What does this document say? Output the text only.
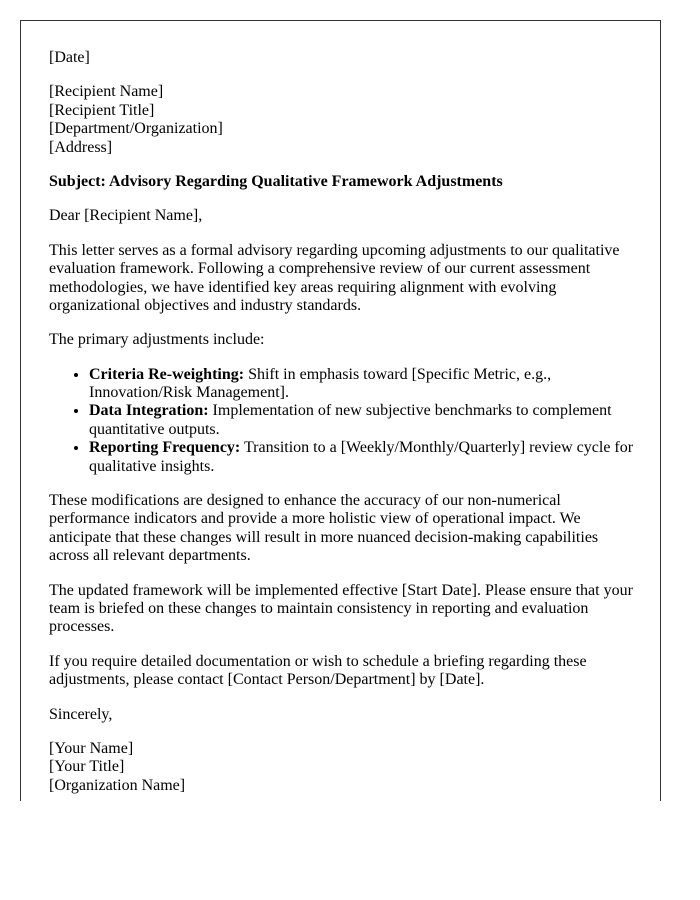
[Date]

[Recipient Name]
[Recipient Title]
[Department/Organization]
[Address]

Subject: Advisory Regarding Qualitative Framework Adjustments

Dear [Recipient Name],

This letter serves as a formal advisory regarding upcoming adjustments to our qualitative evaluation framework. Following a comprehensive review of our current assessment methodologies, we have identified key areas requiring alignment with evolving organizational objectives and industry standards.

The primary adjustments include:

• Criteria Re-weighting: Shift in emphasis toward [Specific Metric, e.g., Innovation/Risk Management].
• Data Integration: Implementation of new subjective benchmarks to complement quantitative outputs.
• Reporting Frequency: Transition to a [Weekly/Monthly/Quarterly] review cycle for qualitative insights.

These modifications are designed to enhance the accuracy of our non-numerical performance indicators and provide a more holistic view of operational impact. We anticipate that these changes will result in more nuanced decision-making capabilities across all relevant departments.

The updated framework will be implemented effective [Start Date]. Please ensure that your team is briefed on these changes to maintain consistency in reporting and evaluation processes.

If you require detailed documentation or wish to schedule a briefing regarding these adjustments, please contact [Contact Person/Department] by [Date].

Sincerely,

[Your Name]
[Your Title]
[Organization Name]
